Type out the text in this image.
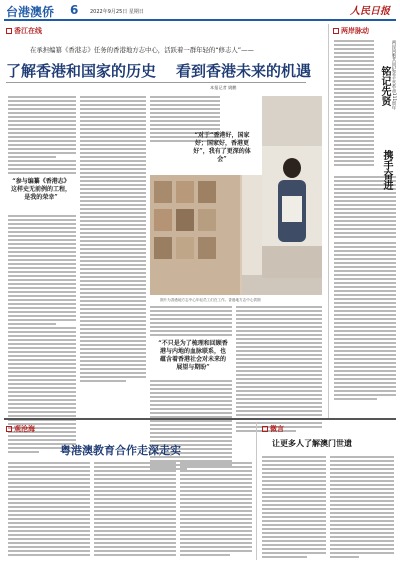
台港澳侨 6 2022年9月25日 星期日	人民日报
香江在线
在承担编纂《香港志》任务的香港地方志中心，活跃着一群年轻的“修志人”——
了解香港和国家的历史 看到香港未来的机遇
本报记者 姚鹏
“参与编纂《香港志》这样史无前例的工程，是我的荣幸”
“对于“香港好，国家好；国家好，香港更好”，我有了更深的体会”
图片为香港地方志中心年轻员工们在工作。香港地方志中心供图
“不只是为了梳理和回顾香港与内地的血脉联系，也蕴含着香港社会对未来的展望与期盼”
两岸脉动
铭记先贤 两岸同胞共同纪念辛亥革命111周年
携手奋进
观沧海
粤港澳教育合作走深走实
微言
让更多人了解澳门世遗
